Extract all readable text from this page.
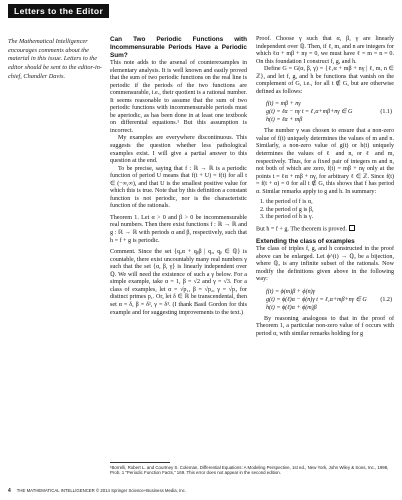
Letters to the Editor
The Mathematical Intelligencer encourages comments about the material in this issue. Letters to the editor should be sent to the editor-in-chief, Chandler Davis.

Can Two Periodic Functions with Incommensurable Periods Have a Periodic Sum?

This note adds to the arsenal of counterexamples in elementary analysis. It is well known and easily proved that the sum of two periodic functions on the real line is periodic if the periods of the two functions are commensurable, i.e., their quotient is a rational number. It seems reasonable to assume that the sum of two periodic functions with incommensurable periods must be aperiodic, as has been done in at least one textbook on differential equations.¹ But this assumption is incorrect.

My examples are everywhere discontinuous. This suggests the question whether less pathological examples exist. I will give a partial answer to this question at the end.

To be precise, saying that f : ℝ → ℝ is a periodic function of period U means that f(t + U) = f(t) for all t ∈ (−∞,∞), and that U is the smallest positive value for which this is true. Note that by this definition a constant function is not periodic, nor is the characteristic function of the rationals.

Theorem 1. Let α > 0 and β > 0 be incommensurable real numbers. Then there exist functions f : ℝ → ℝ and g : ℝ → ℝ with periods α and β, respectively, such that h = f + g is periodic.

Comment. Since the set {qₐα + qᵦβ | qₐ, qᵦ ∈ ℚ} is countable, there exist uncountably many real numbers γ such that the set {α, β, γ} is linearly independent over ℚ. We will need the existence of such a γ below. For a simple example, take α = 1, β = √2 and γ = √3. For a class of examples, let α = √p₁, β = √p₂, γ = √p₃ for distinct primes p₁. Or, let δ ∈ ℝ be transcendental, then set α = δ, β = δ², γ = δ³. (I thank Basil Gordon for this example and for suggesting improvements to the text.)

Proof. Choose γ such that α, β, γ are linearly independent over ℚ. Then, if ℓ, m, and n are integers for which ℓα + mβ + nγ = 0, we must have ℓ = m = n = 0. On this foundation I construct f, g, and h.

Define G = G(α, β, γ) = {ℓ₁α + mβ + nγ | ℓ, m, n ∈ ℤ}, and let f, g, and h be functions that vanish on the complement of G, i.e., for all t ∉ G, but are otherwise defined as follows:

f(t) = mβ + nγ
g(t) = ℓα − nγ t = ℓ₁α+mβ+nγ ∈ G
h(t) = ℓα + mβ
(1.1)

The number γ was chosen to ensure that a non-zero value of f(t) uniquely determines the values of m and n. Similarly, a non-zero value of g(t) or h(t) uniquely determines the values of ℓ and n, or ℓ and m, respectively. Thus, for a fixed pair of integers m and n, not both of which are zero, f(t) = mβ + nγ only at the points t = ℓα + mβ + nγ, for arbitrary ℓ ∈ ℤ. Since f(t) = f(t + α) = 0 for all t ∉ G, this shows that f has period α. Similar remarks apply to g and h. In summary:

1. the period of f is α,
2. the period of g is β,
3. the period of h is γ.

But h = f + g. The theorem is proved.

Extending the class of examples

The class of triples f, g, and h constructed in the proof above can be enlarged. Let ϕ^(i) → ℚₐ be a bijection, where ℚₐ is any infinite subset of the rationals. Now modify the definitions given above in the following way:

f(t) = ϕ(m)β + ϕ(n)γ
g(t) = ϕ(ℓ)α − ϕ(n)γ t = ℓ₁α+mβ+nγ ∈ G
h(t) = ϕ(ℓ)α + ϕ(m)β
(1.2)

By reasoning analogous to that in the proof of Theorem 1, a particular non-zero value of f occurs with period α, with similar remarks holding for g

¹Borrelli, Robert L. and Courtney S. Coleman, Differential Equations: A Modeling Perspective, 1st ed., New York, John Wiley & Sons, Inc., 1998, Prob. 1 "Periodic Function Facts," 169. This error does not appear in the second edition.
4 THE MATHEMATICAL INTELLIGENCER © 2014 Springer Science+Business Media, Inc.
